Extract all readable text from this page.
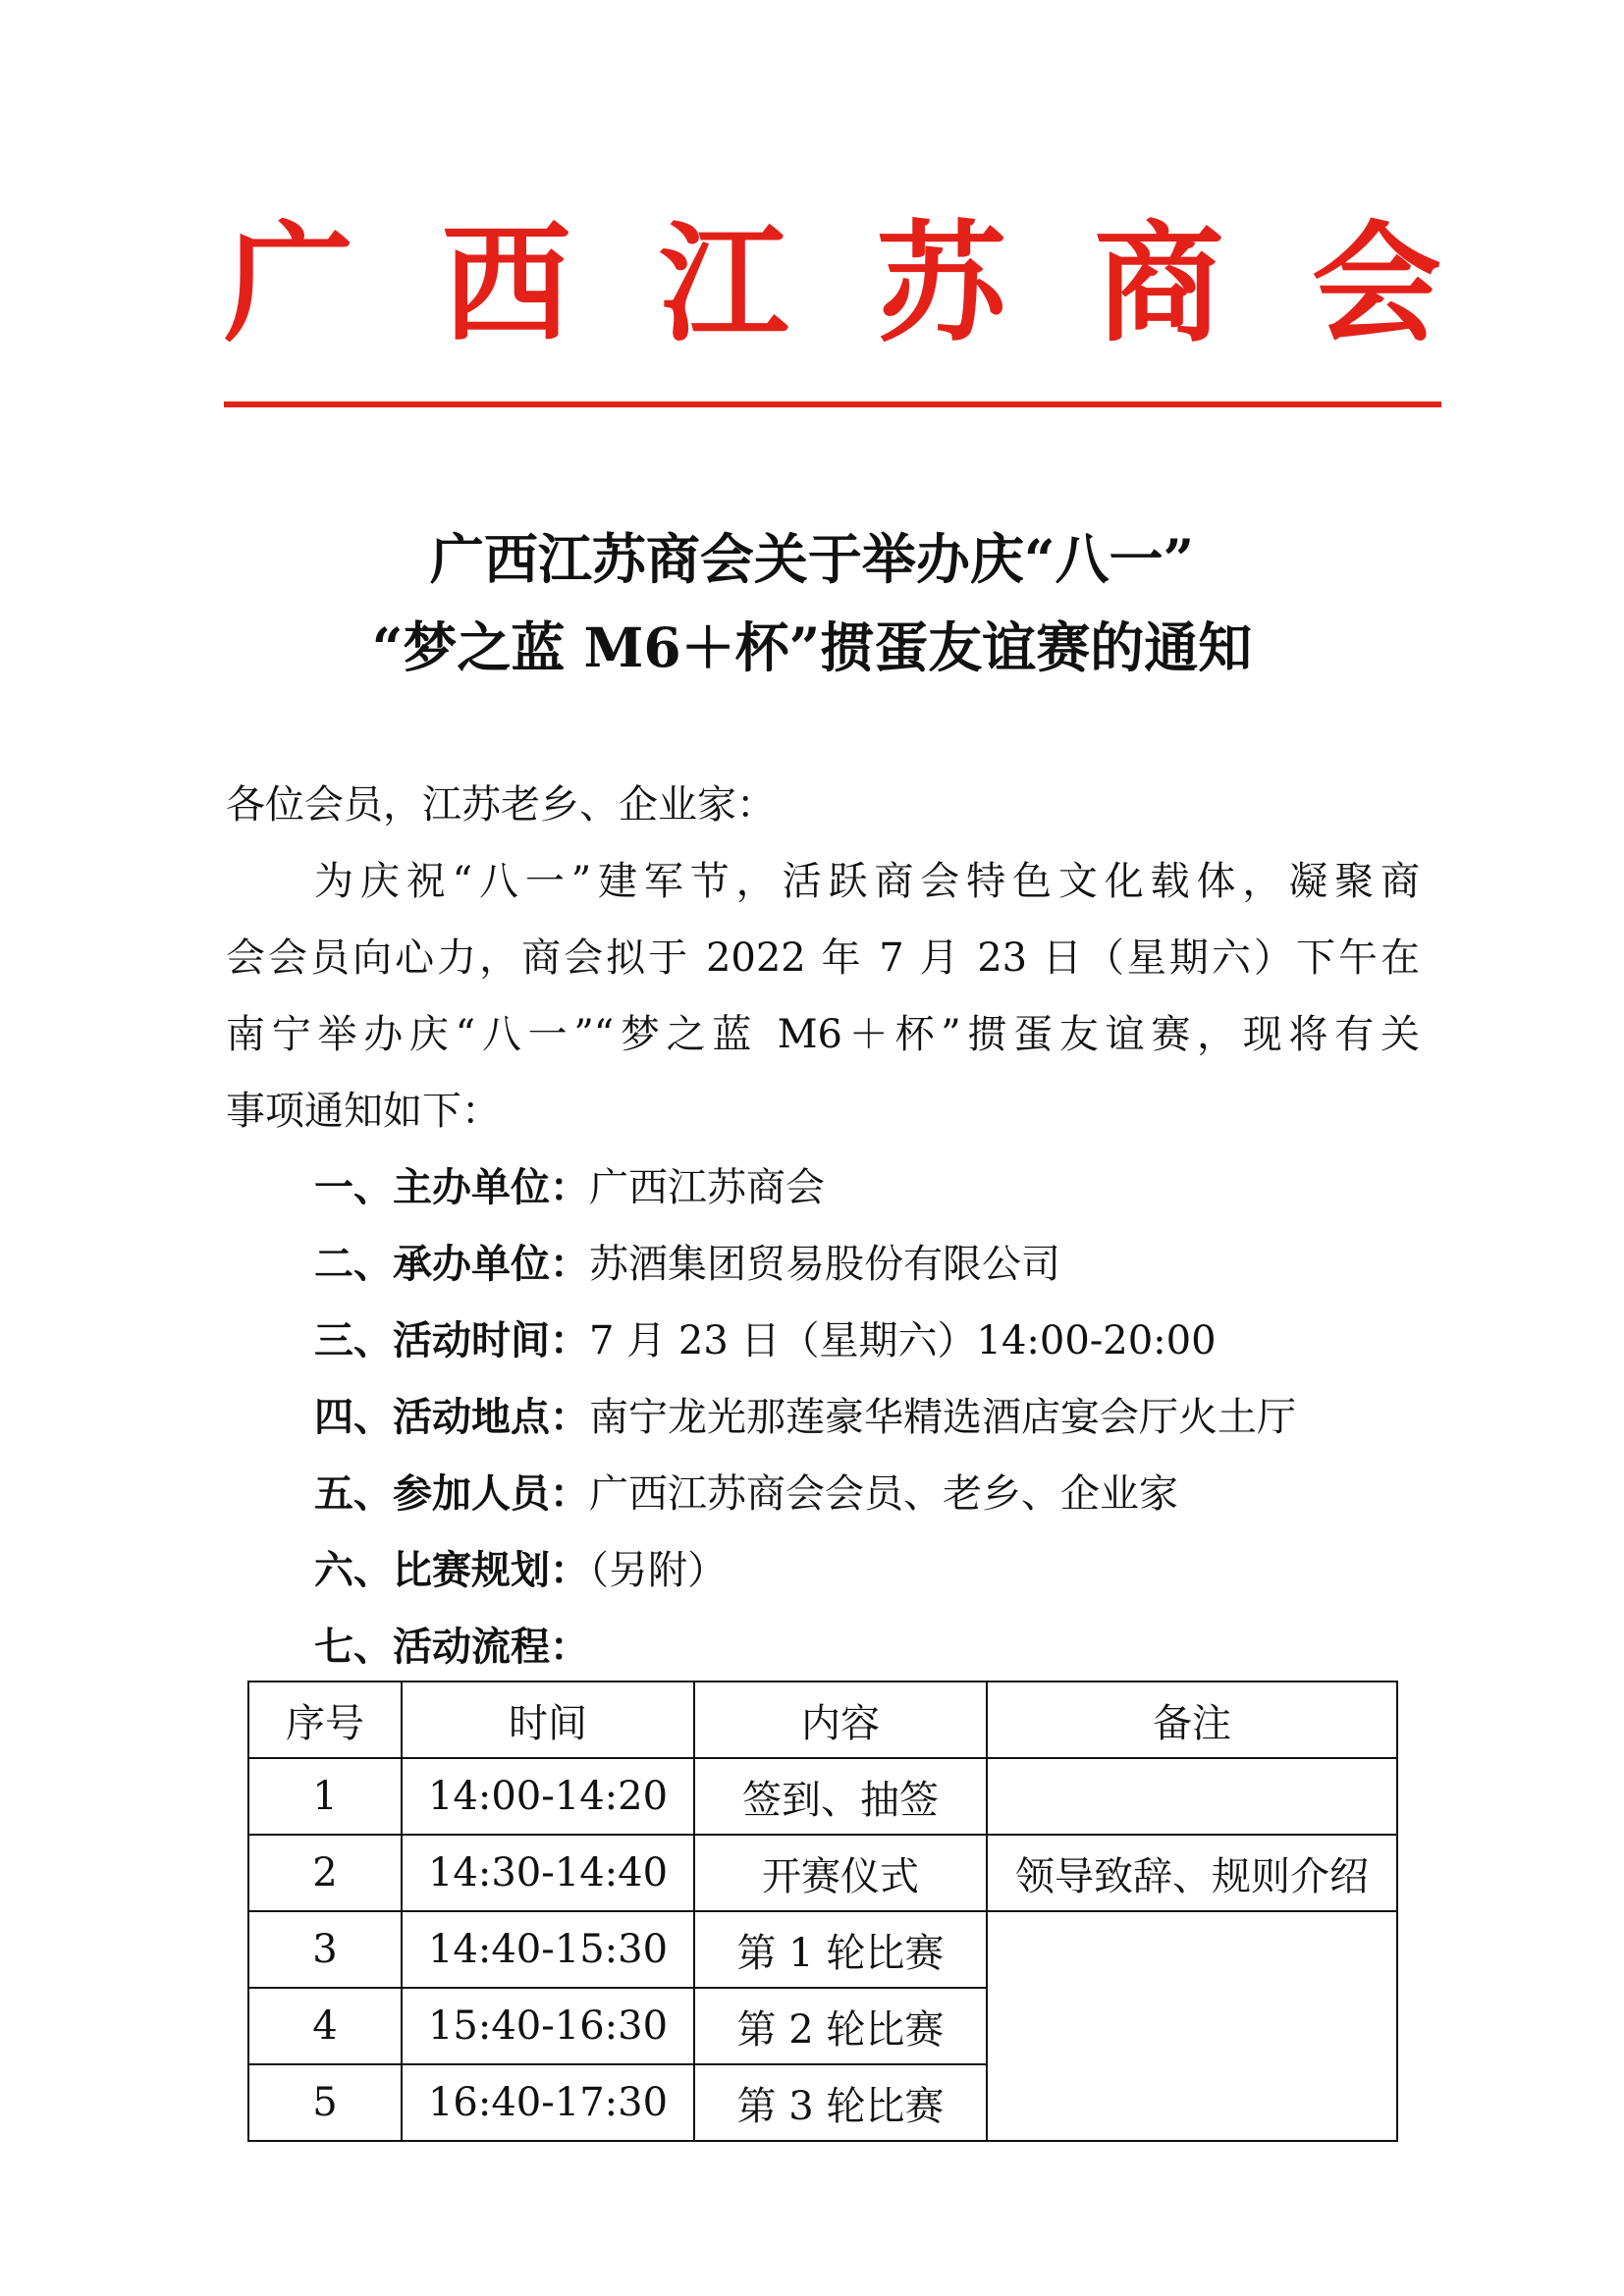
广 西 江 苏 商 会
广西江苏商会关于举办庆“八一”
“梦之蓝 M6＋杯”掼蛋友谊赛的通知
各位会员，江苏老乡、企业家：
为庆祝“八一”建军节，活跃商会特色文化载体，凝聚商
会会员向心力，商会拟于 2022 年 7 月 23 日（星期六）下午在
南宁举办庆“八一”“梦之蓝 M6＋杯”掼蛋友谊赛，现将有关
事项通知如下：
一、主办单位：广西江苏商会
二、承办单位：苏酒集团贸易股份有限公司
三、活动时间：7 月 23 日（星期六）14:00-20:00
四、活动地点：南宁龙光那莲豪华精选酒店宴会厅火土厅
五、参加人员：广西江苏商会会员、老乡、企业家
六、比赛规划：（另附）
七、活动流程：
序号	时间	内容	备注
1	14:00-14:20	签到、抽签	
2	14:30-14:40	开赛仪式	领导致辞、规则介绍
3	14:40-15:30	第 1 轮比赛	
4	15:40-16:30	第 2 轮比赛	
5	16:40-17:30	第 3 轮比赛	
